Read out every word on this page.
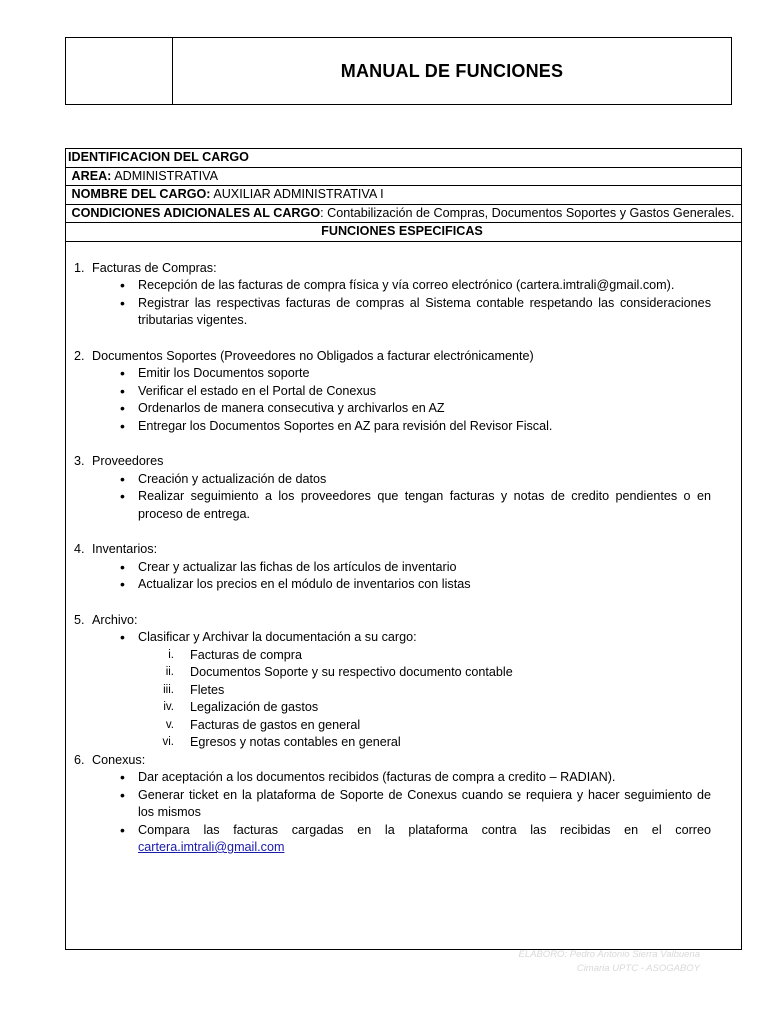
MANUAL DE FUNCIONES
IDENTIFICACION DEL CARGO
AREA: ADMINISTRATIVA
NOMBRE DEL CARGO: AUXILIAR ADMINISTRATIVA I
CONDICIONES ADICIONALES AL CARGO: Contabilización de Compras, Documentos Soportes y Gastos Generales.
FUNCIONES ESPECIFICAS
1. Facturas de Compras:
• Recepción de las facturas de compra física y vía correo electrónico (cartera.imtrali@gmail.com).
• Registrar las respectivas facturas de compras al Sistema contable respetando las consideraciones tributarias vigentes.
2. Documentos Soportes (Proveedores no Obligados a facturar electrónicamente)
• Emitir los Documentos soporte
• Verificar el estado en el Portal de Conexus
• Ordenarlos de manera consecutiva y archivarlos en AZ
• Entregar los Documentos Soportes en AZ para revisión del Revisor Fiscal.
3. Proveedores
• Creación y actualización de datos
• Realizar seguimiento a los proveedores que tengan facturas y notas de credito pendientes o en proceso de entrega.
4. Inventarios:
• Crear y actualizar las fichas de los artículos de inventario
• Actualizar los precios en el módulo de inventarios con listas
5. Archivo:
• Clasificar y Archivar la documentación a su cargo:
i. Facturas de compra
ii. Documentos Soporte y su respectivo documento contable
iii. Fletes
iv. Legalización de gastos
v. Facturas de gastos en general
vi. Egresos y notas contables en general
6. Conexus:
• Dar aceptación a los documentos recibidos (facturas de compra a credito – RADIAN).
• Generar ticket en la plataforma de Soporte de Conexus cuando se requiera y hacer seguimiento de los mismos
• Compara las facturas cargadas en la plataforma contra las recibidas en el correo cartera.imtrali@gmail.com
ELABORO: Pedro Antonio Sierra Valbuena
Cimaria UPTC - ASOGABOY
